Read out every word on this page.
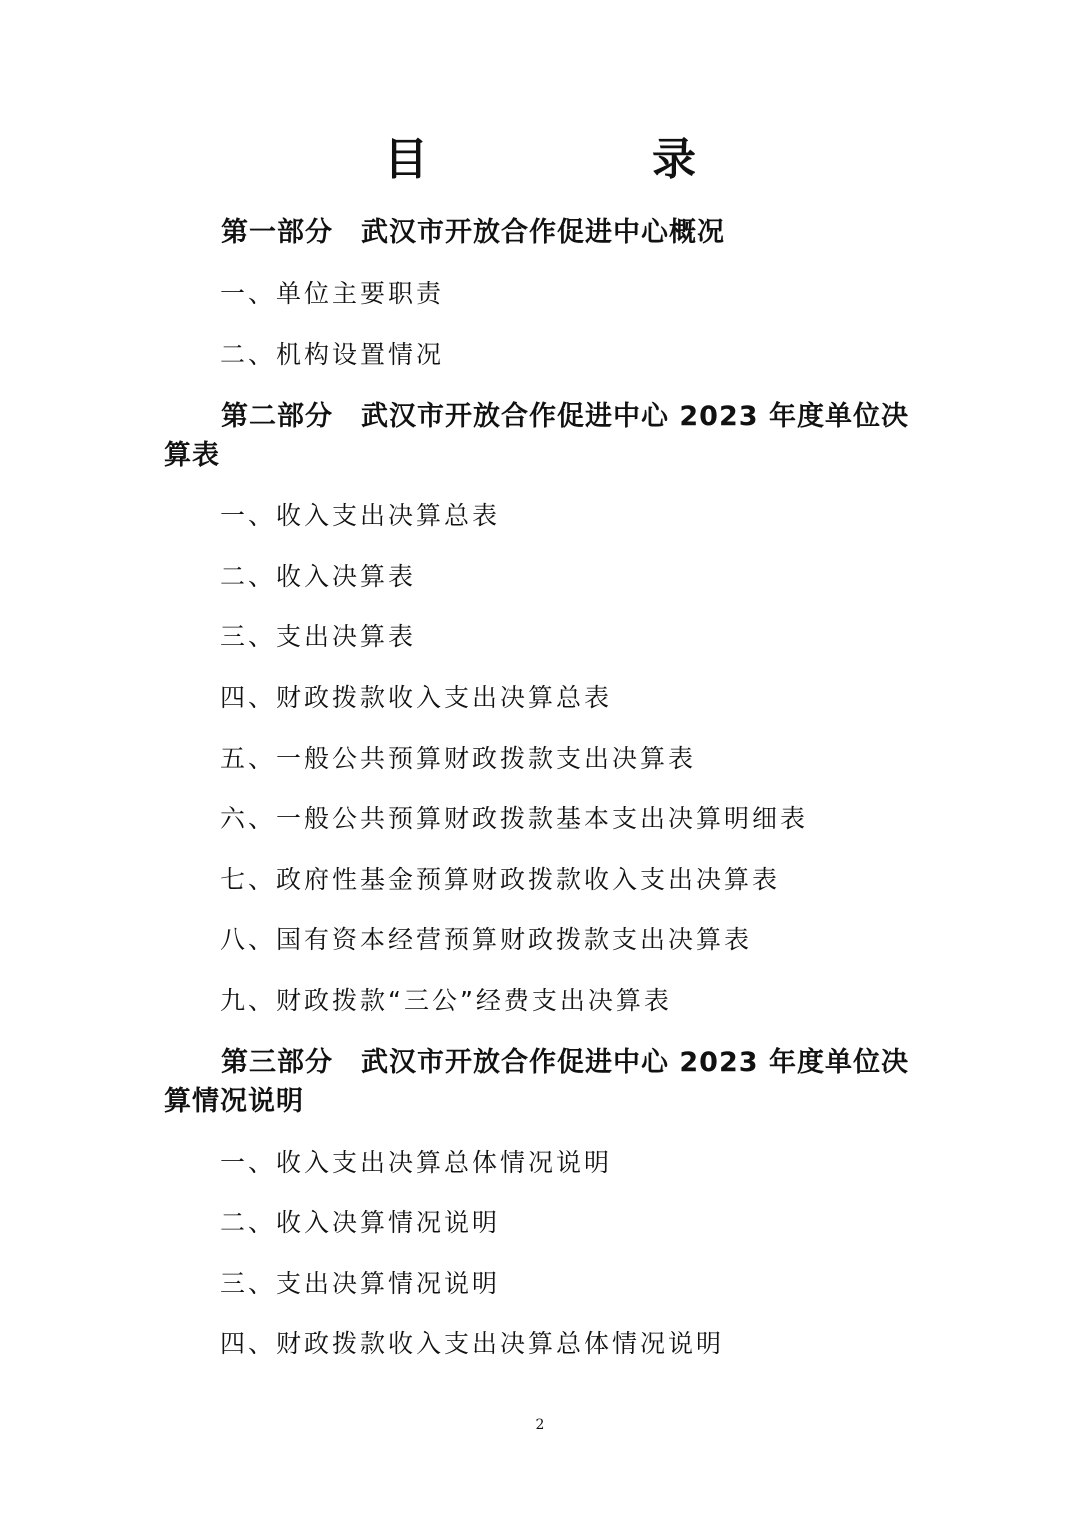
目　录
第一部分　武汉市开放合作促进中心概况
一、单位主要职责
二、机构设置情况
第二部分　武汉市开放合作促进中心 2023 年度单位决算表
一、收入支出决算总表
二、收入决算表
三、支出决算表
四、财政拨款收入支出决算总表
五、一般公共预算财政拨款支出决算表
六、一般公共预算财政拨款基本支出决算明细表
七、政府性基金预算财政拨款收入支出决算表
八、国有资本经营预算财政拨款支出决算表
九、财政拨款“三公”经费支出决算表
第三部分　武汉市开放合作促进中心 2023 年度单位决算情况说明
一、收入支出决算总体情况说明
二、收入决算情况说明
三、支出决算情况说明
四、财政拨款收入支出决算总体情况说明
2
